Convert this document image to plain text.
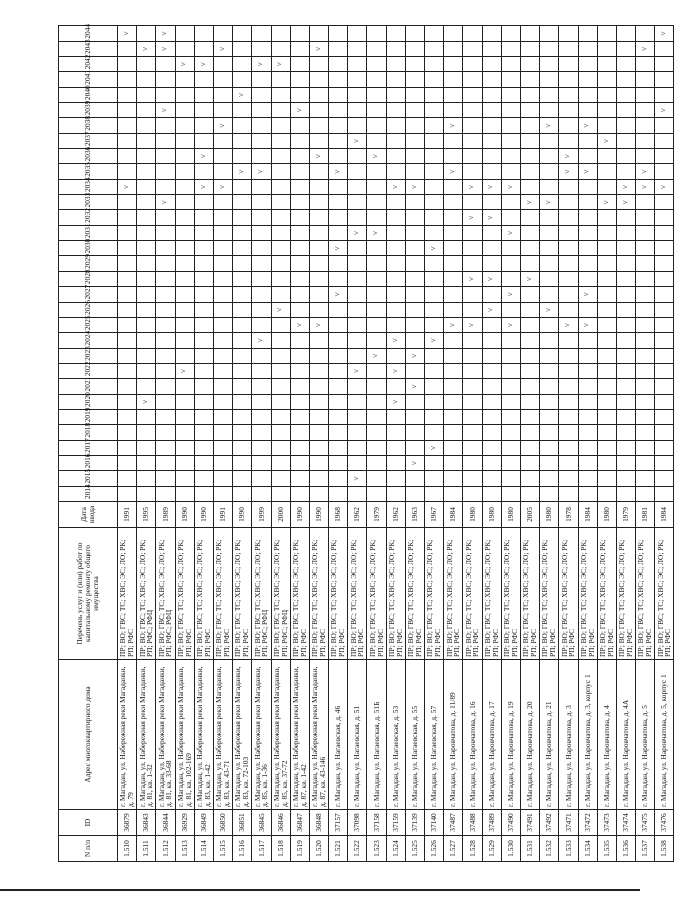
N п/п	ID	Адрес многоквартирного дома	Перечень услуг и (или) работ по капитальному ремонту общего имущества	Дата ввода	2014	2015	2016	2017	2018	2019	2020	2021	2022	2023	2024	2025	2026	2027	2028	2029	2030	2031	2032	2033	2034	2035	2036	2037	2038	2039	2040	2041	2042	2043	2044
1.510	36879	г. Магадан, ул. Набережная реки Магаданки, д. 79	ПР; ВО; ГВС; ТС; ХВС; ЭС; ЛО; РК; РП; РФС	1991																					˅										˅
1.511	36843	г. Магадан, ул. Набережная реки Магаданки, д. 81, кв. 1-32	ПР; ВО; ГВС; ТС; ХВС; ЭС; ЛО; РК; РП; РФС; РФЦ	1995							˅																							˅	
1.512	36844	г. Магадан, ул. Набережная реки Магаданки, д. 81, кв. 33-68	ПР; ВО; ГВС; ТС; ХВС; ЭС; ЛО; РК; РП; РФС; РФЦ	1989																				˅						˅				˅	˅
1.513	36929	г. Магадан, ул. Набережная реки Магаданки, д. 81, кв. 102-169	ПР; ВО; ГВС; ТС; ХВС; ЭС; ЛО; РК; РП; РФС	1990									˅																				˅		
1.514	36849	г. Магадан, ул. Набережная реки Магаданки, д. 83, кв. 1-42	ПР; ВО; ГВС; ТС; ХВС; ЭС; ЛО; РК; РП; РФС	1990																					˅		˅						˅		
1.515	36850	г. Магадан, ул. Набережная реки Магаданки, д. 83, кв. 43-71	ПР; ВО; ГВС; ТС; ХВС; ЭС; ЛО; РК; РП; РФС	1991																					˅				˅					˅	
1.516	36851	г. Магадан, ул. Набережная реки Магаданки, д. 83, кв. 72-103	ПР; ВО; ГВС; ТС; ХВС; ЭС; ЛО; РК; РП; РФС	1990																						˅					˅				
1.517	36845	г. Магадан, ул. Набережная реки Магаданки, д. 85, кв. 1-36	ПР; ВО; ГВС; ТС; ХВС; ЭС; ЛО; РК; РП; РФС; РФЦ	1999											˅											˅							˅		
1.518	36846	г. Магадан, ул. Набережная реки Магаданки, д. 85, кв. 37-72	ПР; ВО; ГВС; ТС; ХВС; ЭС; ЛО; РК; РП; РФС; РФЦ	2000													˅																˅		
1.519	36847	г. Магадан, ул. Набережная реки Магаданки, д. 87, кв. 1-42	ПР; ВО; ГВС; ТС; ХВС; ЭС; ЛО; РК; РП; РФС	1990												˅														˅					
1.520	36848	г. Магадан, ул. Набережная реки Магаданки, д. 87, кв. 43-146	ПР; ВО; ГВС; ТС; ХВС; ЭС; ЛО; РК; РП; РФС	1990												˅											˅							˅	
1.521	37157	г. Магадан, ул. Нагаевская, д. 46	ПР; ВО; ГВС; ТС; ХВС; ЭС; ЛО; РК; РП; РФС	1968														˅			˅					˅									
1.522	37098	г. Магадан, ул. Нагаевская, д. 51	ПР; ВО; ГВС; ТС; ХВС; ЭС; ЛО; РК; РП; РФС	1962		˅							˅									˅						˅							
1.523	37158	г. Магадан, ул. Нагаевская, д. 51Б	ПР; ВО; ГВС; ТС; ХВС; ЭС; ЛО; РК; РП; РФС	1979										˅								˅					˅								
1.524	37159	г. Магадан, ул. Нагаевская, д. 53	ПР; ВО; ГВС; ТС; ХВС; ЭС; ЛО; РК; РП; РФС	1962							˅		˅		˅										˅										
1.525	37139	г. Магадан, ул. Нагаевская, д. 55	ПР; ВО; ГВС; ТС; ХВС; ЭС; ЛО; РК; РП; РФС	1963			˅					˅		˅											˅										
1.526	37140	г. Магадан, ул. Нагаевская, д. 57	ПР; ВО; ГВС; ТС; ХВС; ЭС; ЛО; РК; РП; РФС	1967				˅							˅						˅														
1.527	37487	г. Магадан, ул. Наровчатова, д. 11/89	ПР; ВО; ГВС; ТС; ХВС; ЭС; ЛО; РК; РП; РФС	1984												˅										˅			˅						
1.528	37488	г. Магадан, ул. Наровчатова, д. 16	ПР; ВО; ГВС; ТС; ХВС; ЭС; ЛО; РК; РП; РФС	1980												˅			˅				˅		˅										
1.529	37489	г. Магадан, ул. Наровчатова, д. 17	ПР; ВО; ГВС; ТС; ХВС; ЭС; ЛО; РК; РП; РФС	1980													˅		˅				˅		˅										
1.530	37490	г. Магадан, ул. Наровчатова, д. 19	ПР; ВО; ГВС; ТС; ХВС; ЭС; ЛО; РК; РП; РФС	1980												˅		˅				˅			˅										
1.531	37491	г. Магадан, ул. Наровчатова, д. 20	ПР; ВО; ГВС; ТС; ХВС; ЭС; ЛО; РК; РП; РФС	2005															˅					˅											
1.532	37492	г. Магадан, ул. Наровчатова, д. 21	ПР; ВО; ГВС; ТС; ХВС; ЭС; ЛО; РК; РП; РФС	1980													˅							˅					˅						
1.533	37471	г. Магадан, ул. Наровчатова, д. 3	ПР; ВО; ГВС; ТС; ХВС; ЭС; ЛО; РК; РП; РФС	1978												˅										˅	˅								
1.534	37472	г. Магадан, ул. Наровчатова, д. 3, корпус 1	ПР; ВО; ГВС; ТС; ХВС; ЭС; ЛО; РК; РП; РФС	1984												˅		˅								˅			˅						
1.535	37473	г. Магадан, ул. Наровчатова, д. 4	ПР; ВО; ГВС; ТС; ХВС; ЭС; ЛО; РК; РП; РФС	1980																				˅				˅							
1.536	37474	г. Магадан, ул. Наровчатова, д. 4А	ПР; ВО; ГВС; ТС; ХВС; ЭС; ЛО; РК; РП; РФС	1979																				˅	˅										
1.537	37475	г. Магадан, ул. Наровчатова, д. 5	ПР; ВО; ГВС; ТС; ХВС; ЭС; ЛО; РК; РП; РФС	1981																					˅	˅								˅	
1.538	37476	г. Магадан, ул. Наровчатова, д. 5, корпус 1	ПР; ВО; ГВС; ТС; ХВС; ЭС; ЛО; РК; РП; РФС	1984																					˅					˅					˅
